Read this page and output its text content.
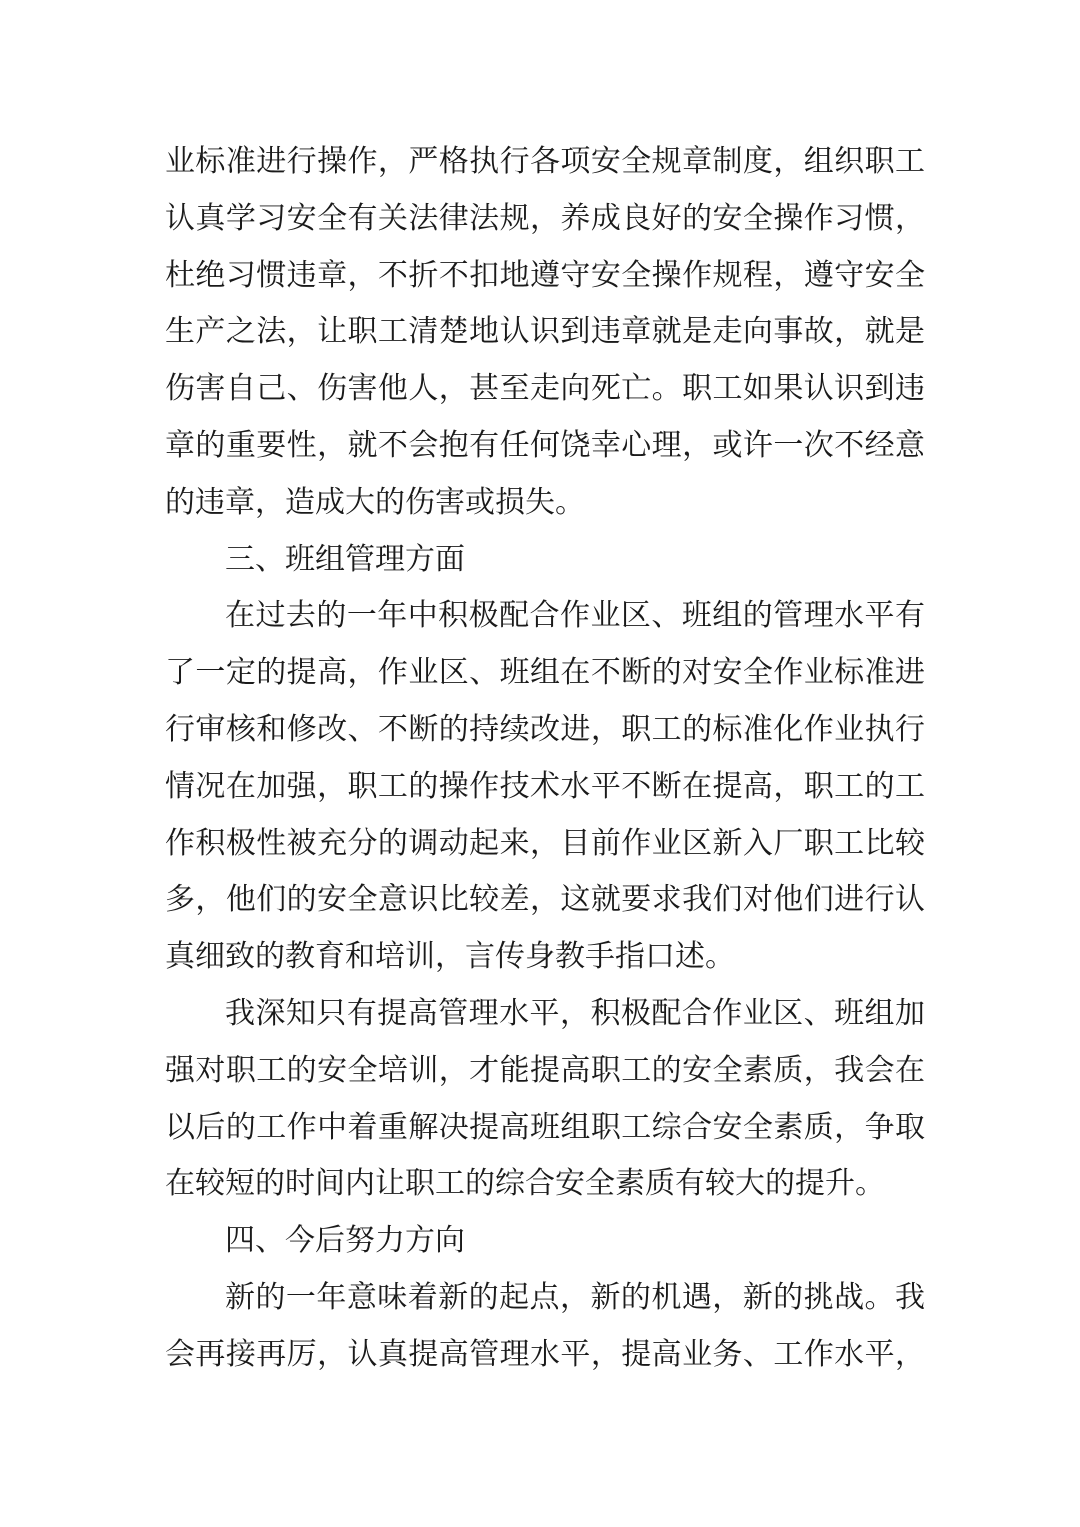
业标准进行操作，严格执行各项安全规章制度，组织职工
认真学习安全有关法律法规，养成良好的安全操作习惯，
杜绝习惯违章，不折不扣地遵守安全操作规程，遵守安全
生产之法，让职工清楚地认识到违章就是走向事故，就是
伤害自己、伤害他人，甚至走向死亡。职工如果认识到违
章的重要性，就不会抱有任何饶幸心理，或许一次不经意
的违章，造成大的伤害或损失。
三、班组管理方面
在过去的一年中积极配合作业区、班组的管理水平有
了一定的提高，作业区、班组在不断的对安全作业标准进
行审核和修改、不断的持续改进，职工的标准化作业执行
情况在加强，职工的操作技术水平不断在提高，职工的工
作积极性被充分的调动起来，目前作业区新入厂职工比较
多，他们的安全意识比较差，这就要求我们对他们进行认
真细致的教育和培训，言传身教手指口述。
我深知只有提高管理水平，积极配合作业区、班组加
强对职工的安全培训，才能提高职工的安全素质，我会在
以后的工作中着重解决提高班组职工综合安全素质，争取
在较短的时间内让职工的综合安全素质有较大的提升。
四、今后努力方向
新的一年意味着新的起点，新的机遇，新的挑战。我
会再接再厉，认真提高管理水平，提高业务、工作水平，
